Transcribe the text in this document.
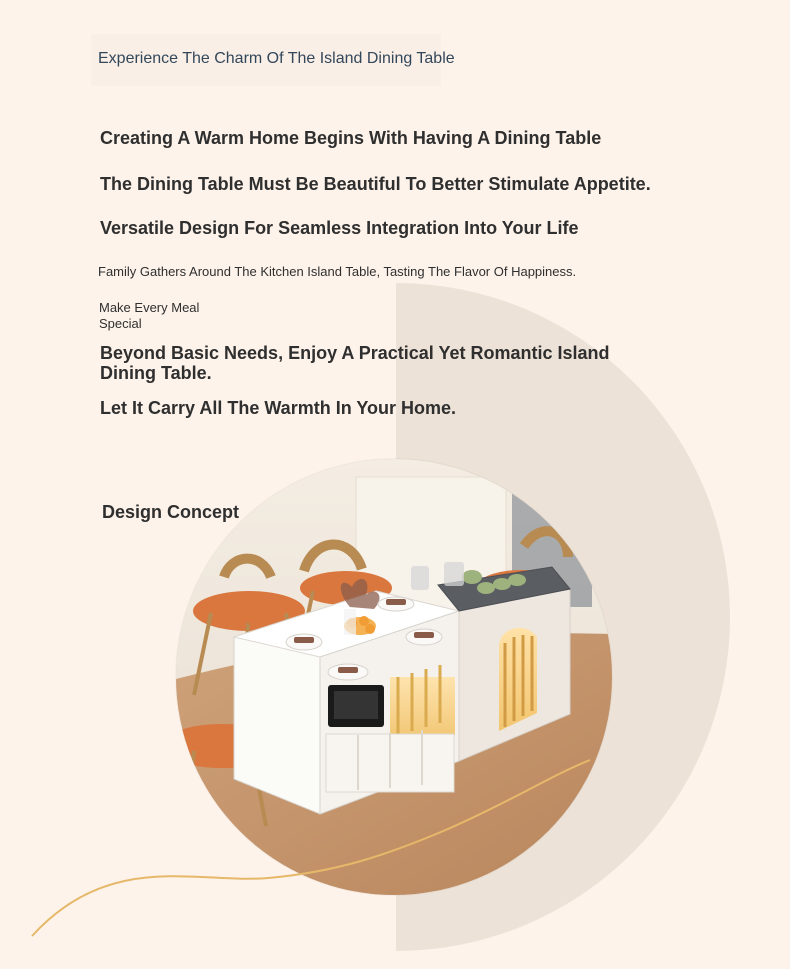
Experience The Charm Of The Island Dining Table
Creating A Warm Home Begins With Having A Dining Table
The Dining Table Must Be Beautiful To Better Stimulate Appetite.
Versatile Design For Seamless Integration Into Your Life
Family Gathers Around The Kitchen Island Table, Tasting The Flavor Of Happiness.
Make Every Meal Special
Beyond Basic Needs, Enjoy A Practical Yet Romantic Island Dining Table.
Let It Carry All The Warmth In Your Home.
Design Concept
